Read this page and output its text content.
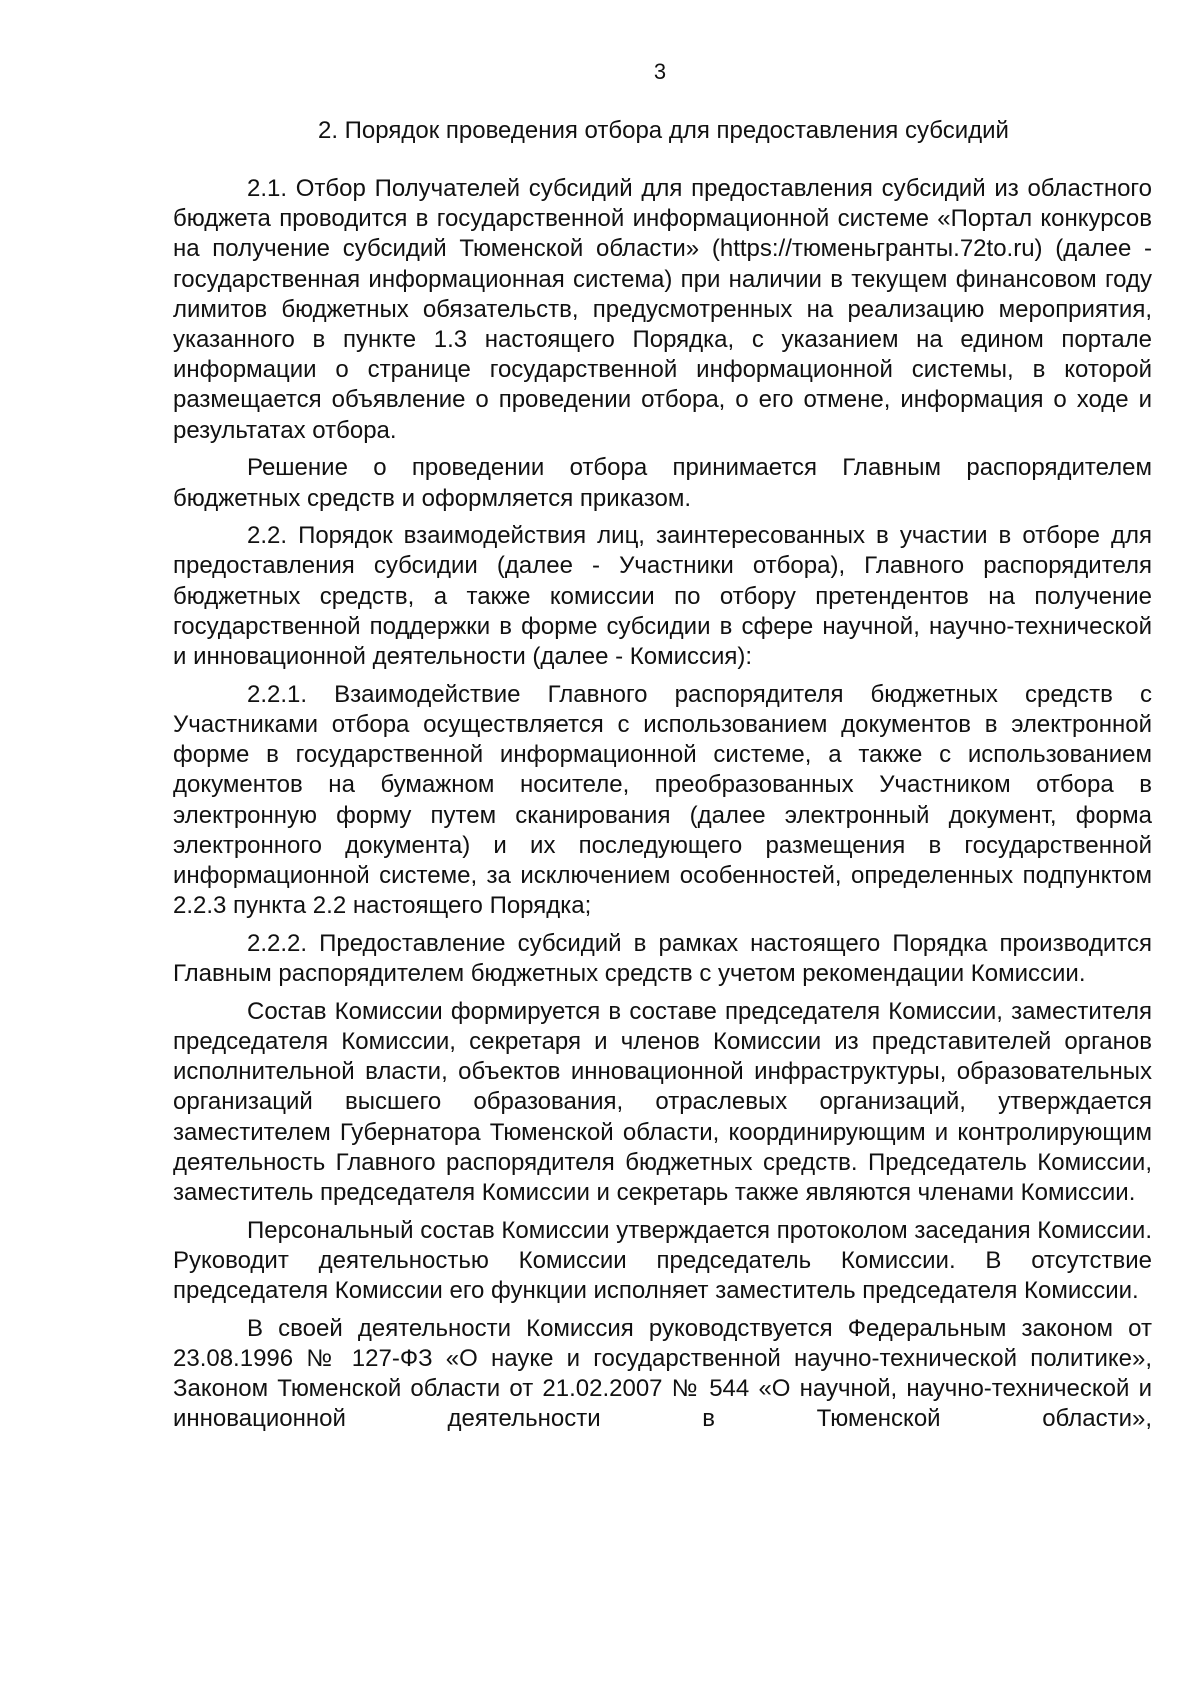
3
2. Порядок проведения отбора для предоставления субсидий

2.1. Отбор Получателей субсидий для предоставления субсидий из областного бюджета проводится в государственной информационной системе «Портал конкурсов на получение субсидий Тюменской области» (https://тюменьгранты.72to.ru) (далее - государственная информационная система) при наличии в текущем финансовом году лимитов бюджетных обязательств, предусмотренных на реализацию мероприятия, указанного в пункте 1.3 настоящего Порядка, с указанием на едином портале информации о странице государственной информационной системы, в которой размещается объявление о проведении отбора, о его отмене, информация о ходе и результатах отбора.

Решение о проведении отбора принимается Главным распорядителем бюджетных средств и оформляется приказом.

2.2. Порядок взаимодействия лиц, заинтересованных в участии в отборе для предоставления субсидии (далее - Участники отбора), Главного распорядителя бюджетных средств, а также комиссии по отбору претендентов на получение государственной поддержки в форме субсидии в сфере научной, научно-технической и инновационной деятельности (далее - Комиссия):

2.2.1. Взаимодействие Главного распорядителя бюджетных средств с Участниками отбора осуществляется с использованием документов в электронной форме в государственной информационной системе, а также с использованием документов на бумажном носителе, преобразованных Участником отбора в электронную форму путем сканирования (далее электронный документ, форма электронного документа) и их последующего размещения в государственной информационной системе, за исключением особенностей, определенных подпунктом 2.2.3 пункта 2.2 настоящего Порядка;

2.2.2. Предоставление субсидий в рамках настоящего Порядка производится Главным распорядителем бюджетных средств с учетом рекомендации Комиссии.

Состав Комиссии формируется в составе председателя Комиссии, заместителя председателя Комиссии, секретаря и членов Комиссии из представителей органов исполнительной власти, объектов инновационной инфраструктуры, образовательных организаций высшего образования, отраслевых организаций, утверждается заместителем Губернатора Тюменской области, координирующим и контролирующим деятельность Главного распорядителя бюджетных средств. Председатель Комиссии, заместитель председателя Комиссии и секретарь также являются членами Комиссии.

Персональный состав Комиссии утверждается протоколом заседания Комиссии. Руководит деятельностью Комиссии председатель Комиссии. В отсутствие председателя Комиссии его функции исполняет заместитель председателя Комиссии.

В своей деятельности Комиссия руководствуется Федеральным законом от 23.08.1996 № 127-ФЗ «О науке и государственной научно-технической политике», Законом Тюменской области от 21.02.2007 № 544 «О научной, научно-технической и инновационной деятельности в Тюменской области»,
